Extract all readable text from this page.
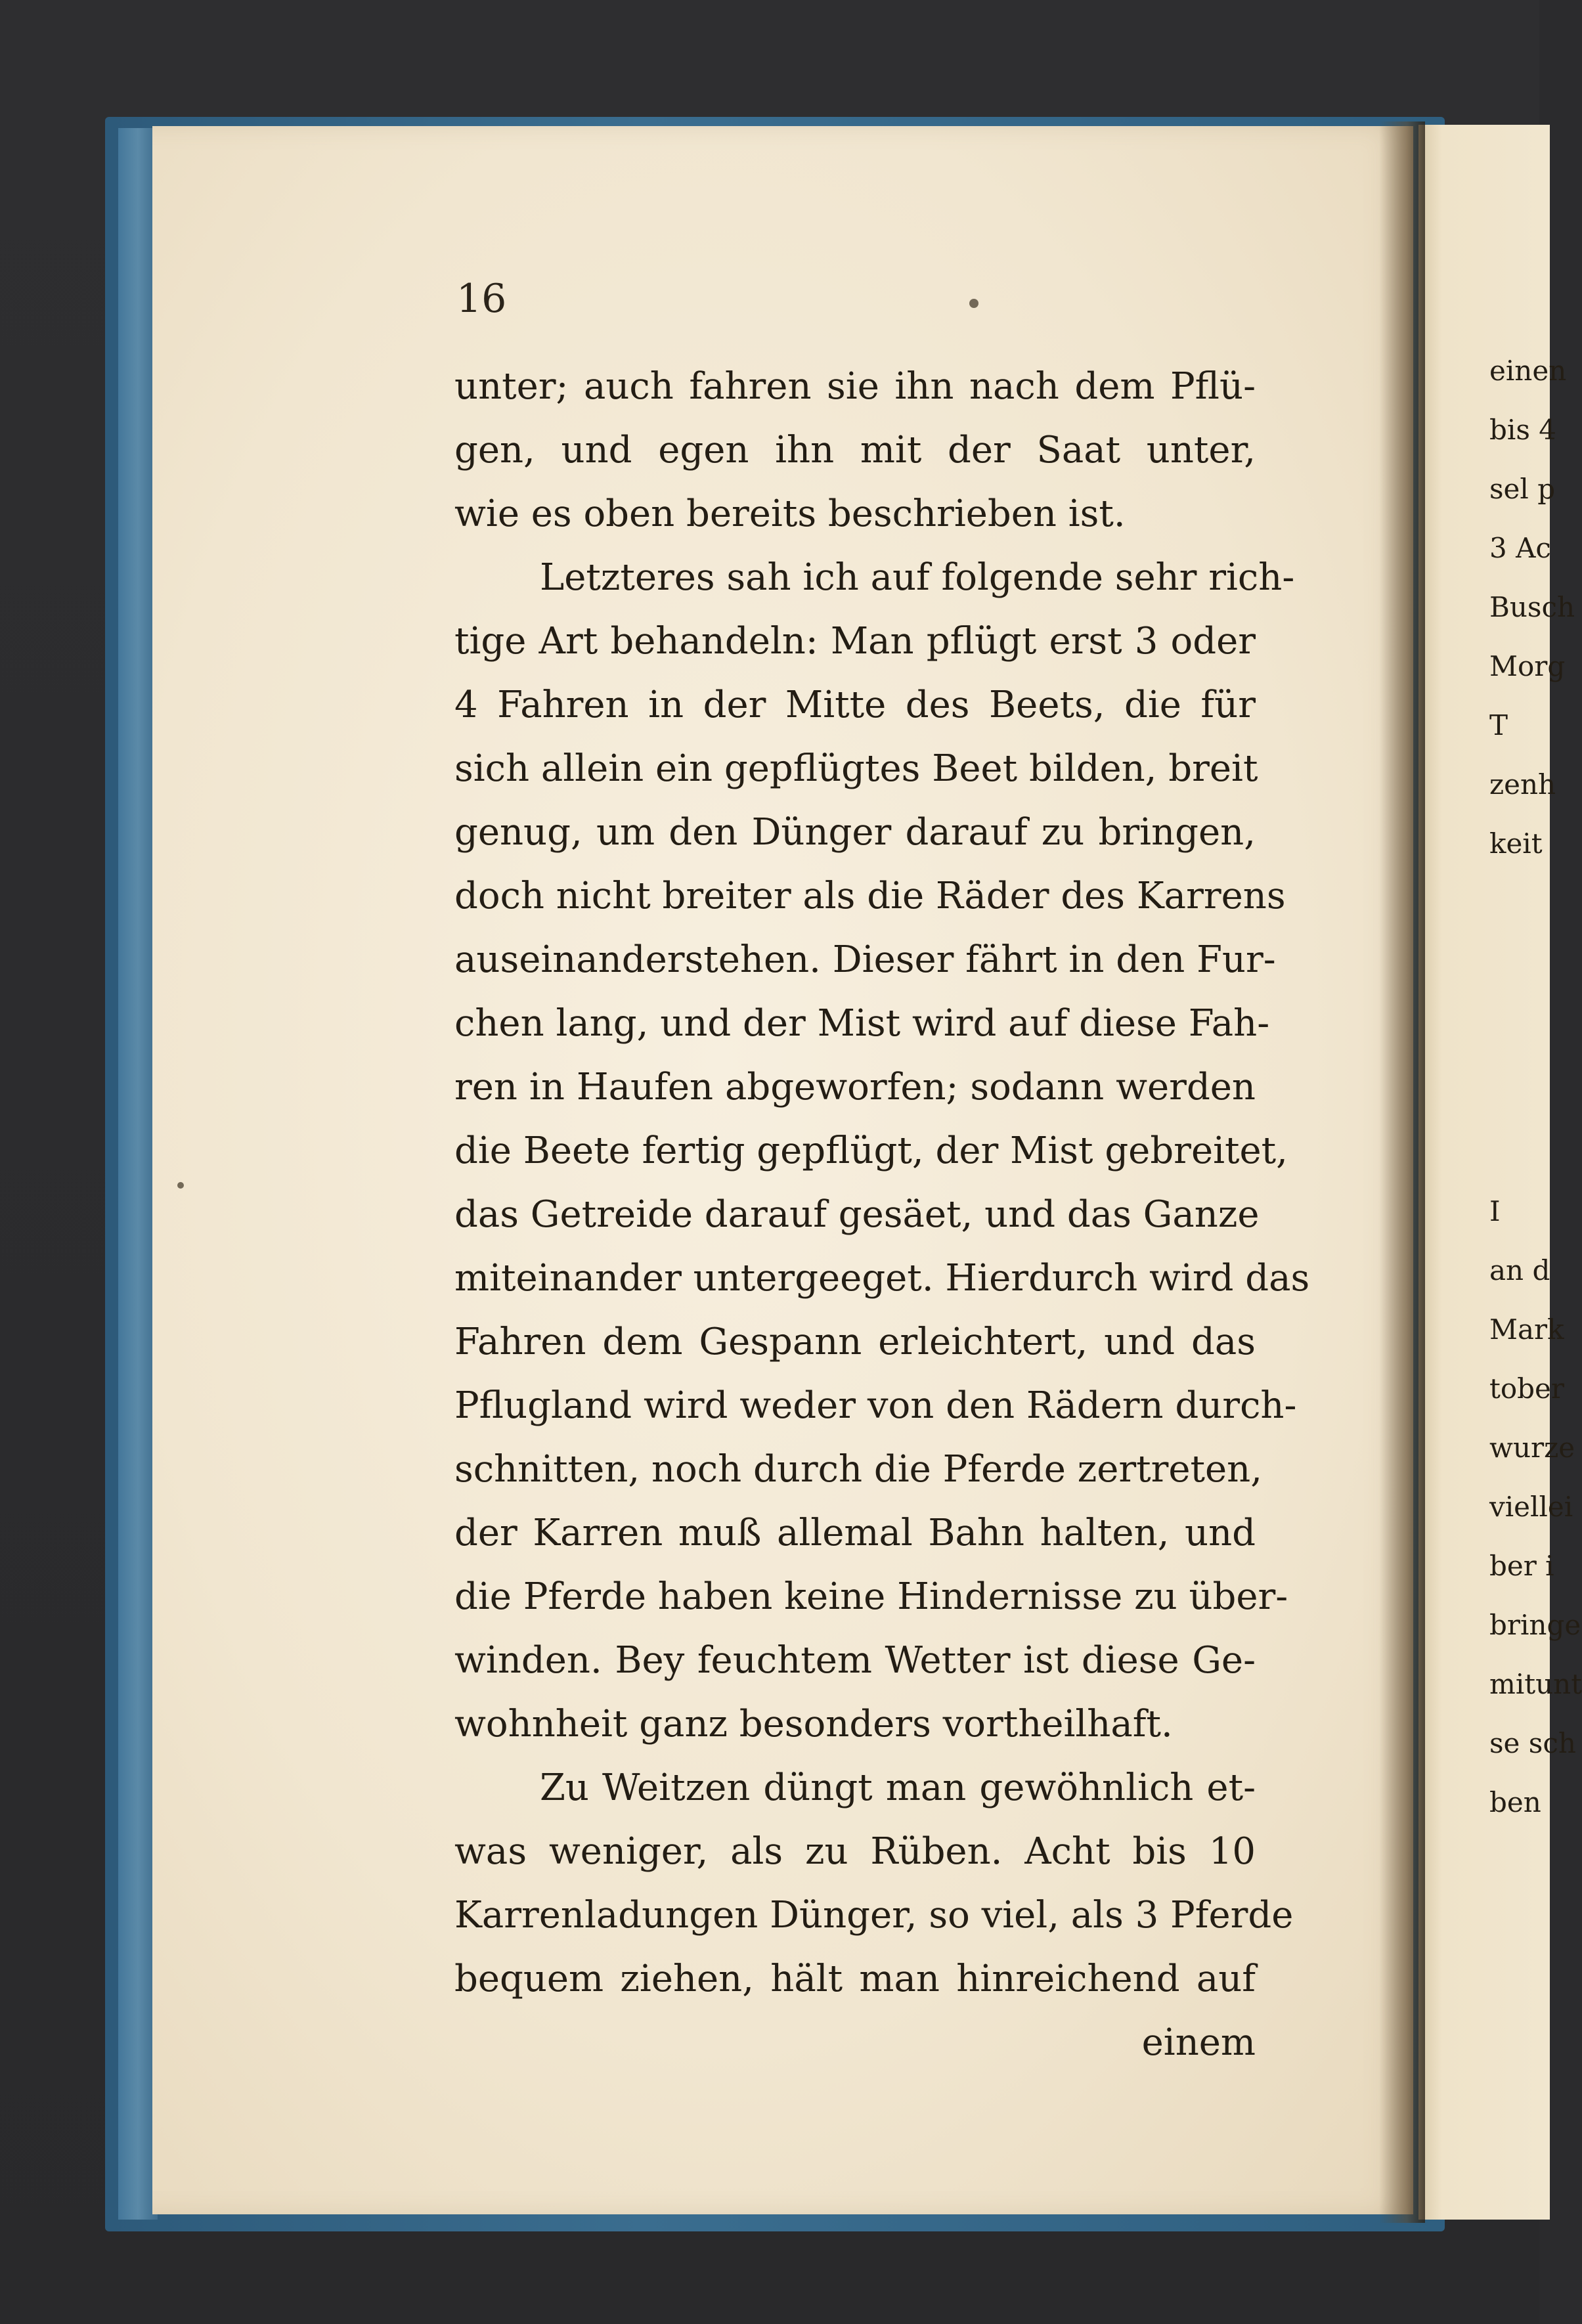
16

unter; auch fahren sie ihn nach dem Pflü-
gen, und egen ihn mit der Saat unter,
wie es oben bereits beschrieben ist.
Letzteres sah ich auf folgende sehr rich-
tige Art behandeln: Man pflügt erst 3 oder
4 Fahren in der Mitte des Beets, die für
sich allein ein gepflügtes Beet bilden, breit
genug, um den Dünger darauf zu bringen,
doch nicht breiter als die Räder des Karrens
auseinanderstehen. Dieser fährt in den Fur-
chen lang, und der Mist wird auf diese Fah-
ren in Haufen abgeworfen; sodann werden
die Beete fertig gepflügt, der Mist gebreitet,
das Getreide darauf gesäet, und das Ganze
miteinander untergeeget. Hierdurch wird das
Fahren dem Gespann erleichtert, und das
Pflugland wird weder von den Rädern durch-
schnitten, noch durch die Pferde zertreten,
der Karren muß allemal Bahn halten, und
die Pferde haben keine Hindernisse zu über-
winden. Bey feuchtem Wetter ist diese Ge-
wohnheit ganz besonders vortheilhaft.
Zu Weitzen düngt man gewöhnlich et-
was weniger, als zu Rüben. Acht bis 10
Karrenladungen Dünger, so viel, als 3 Pferde
bequem ziehen, hält man hinreichend auf
einem
einen
bis 4
sel p
3 Ac
Busch
Morg
T
zenh
keit
I
an d
Mark
tober
wurze
viellei
ber i
bringe
mitunt
se sch
ben
